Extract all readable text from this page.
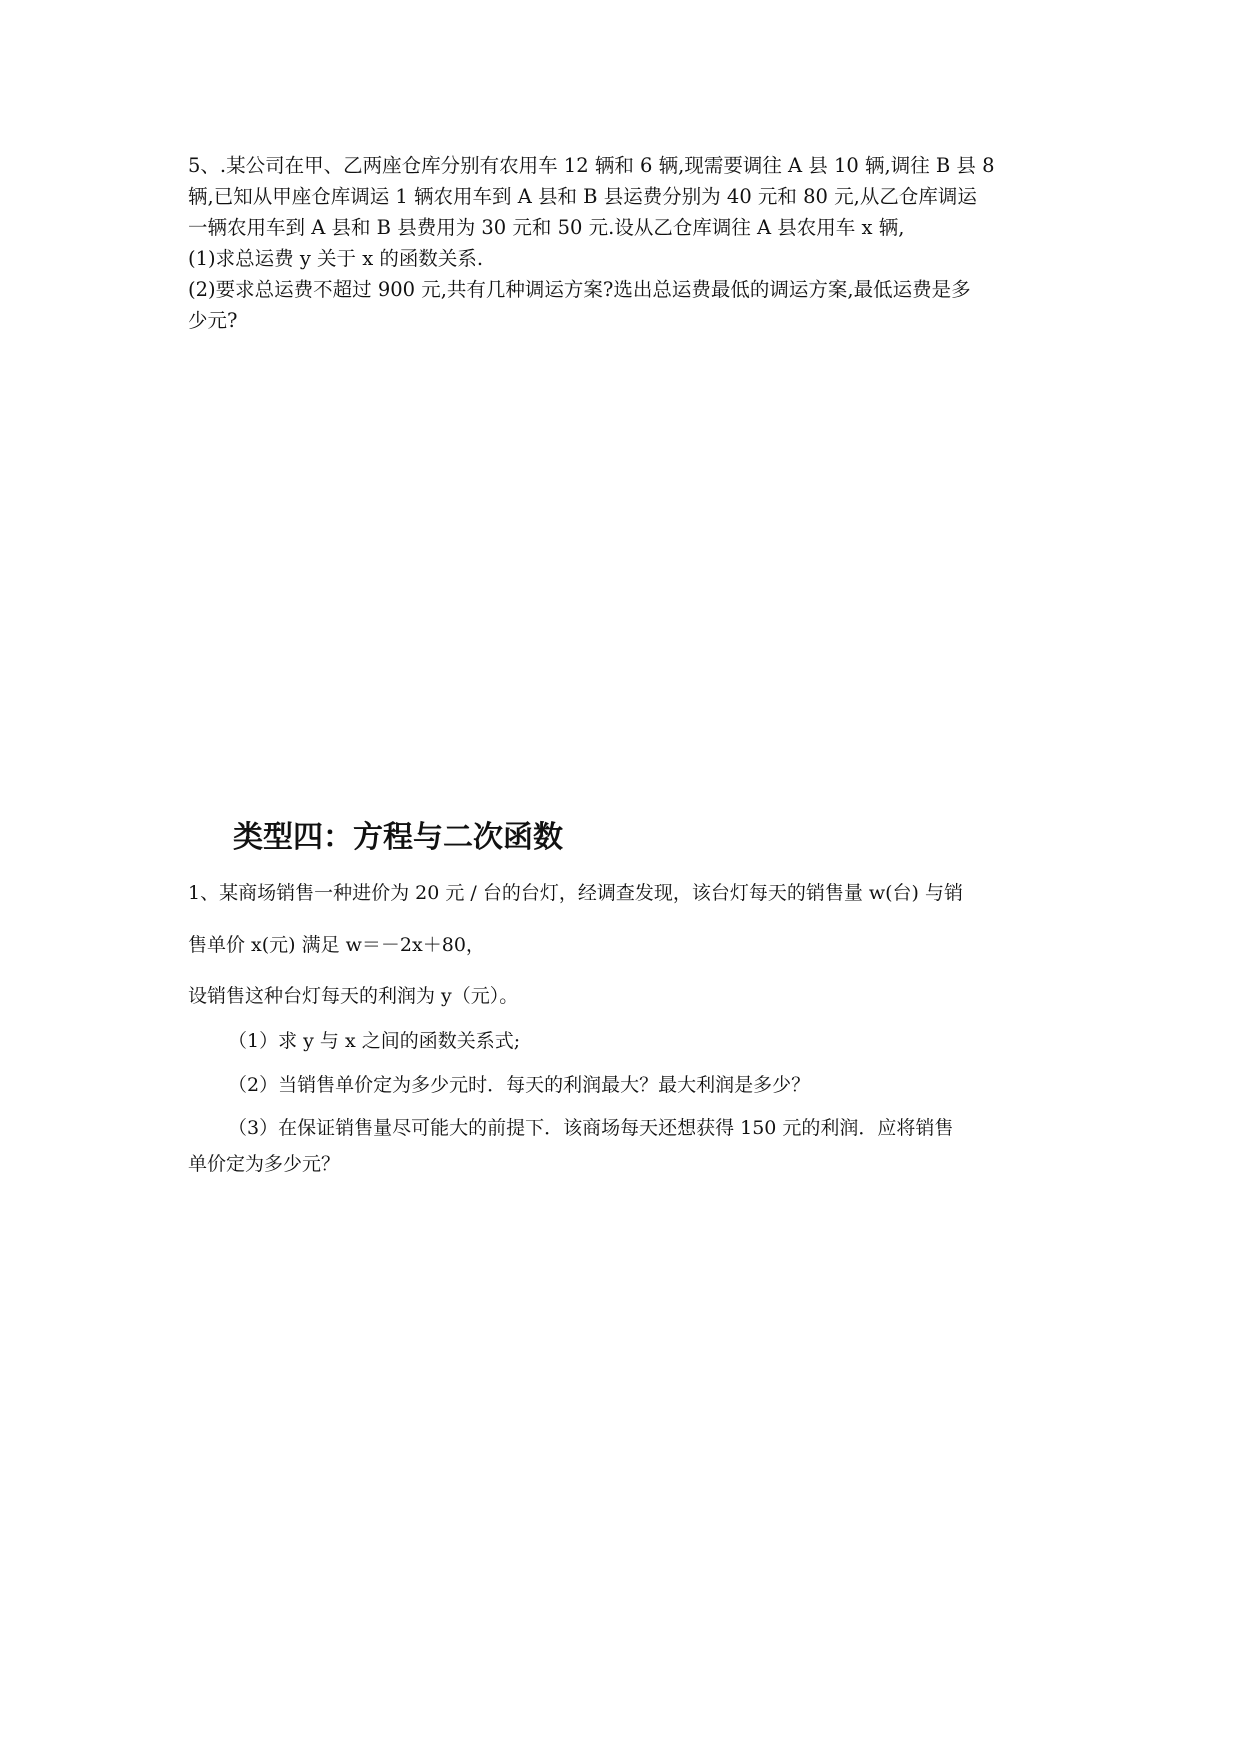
5、.某公司在甲、乙两座仓库分别有农用车 12 辆和 6 辆,现需要调往 A 县 10 辆,调往 B 县 8
辆,已知从甲座仓库调运 1 辆农用车到 A 县和 B 县运费分别为 40 元和 80 元,从乙仓库调运
一辆农用车到 A 县和 B 县费用为 30 元和 50 元.设从乙仓库调往 A 县农用车 x 辆,
(1)求总运费 y 关于 x 的函数关系.
(2)要求总运费不超过 900 元,共有几种调运方案?选出总运费最低的调运方案,最低运费是多
少元?
类型四：方程与二次函数
1、某商场销售一种进价为 20 元 / 台的台灯，经调查发现，该台灯每天的销售量 w(台) 与销
售单价 x(元) 满足 w＝－2x＋80，
设销售这种台灯每天的利润为 y（元）。
（1）求 y 与 x 之间的函数关系式;
（2）当销售单价定为多少元时．每天的利润最大？最大利润是多少？
（3）在保证销售量尽可能大的前提下．该商场每天还想获得 150 元的利润．应将销售
单价定为多少元？
